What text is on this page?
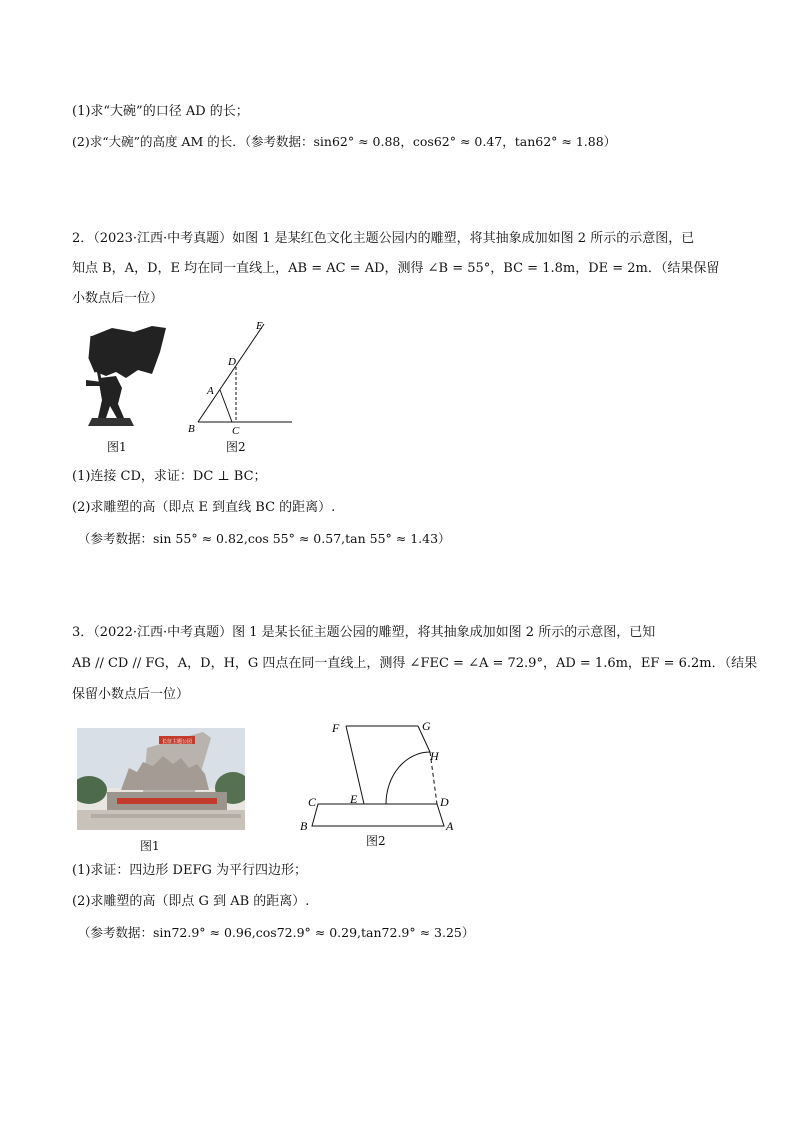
(1)求“大碗”的口径 AD 的长；
(2)求“大碗”的高度 AM 的长．（参考数据：sin62° ≈ 0.88，cos62° ≈ 0.47，tan62° ≈ 1.88）
2．（2023·江西·中考真题）如图 1 是某红色文化主题公园内的雕塑，将其抽象成加如图 2 所示的示意图，已
知点 B，A，D，E 均在同一直线上，AB = AC = AD，测得 ∠B = 55°，BC = 1.8m，DE = 2m．（结果保留
小数点后一位）
图1
E
D
A
B	C
图2
(1)连接 CD，求证：DC ⊥ BC；
(2)求雕塑的高（即点 E 到直线 BC 的距离）.
（参考数据：sin 55° ≈ 0.82,cos 55° ≈ 0.57,tan 55° ≈ 1.43）
3．（2022·江西·中考真题）图 1 是某长征主题公园的雕塑，将其抽象成加如图 2 所示的示意图，已知
AB // CD // FG，A，D，H，G 四点在同一直线上，测得 ∠FEC = ∠A = 72.9°，AD = 1.6m，EF = 6.2m．（结果
保留小数点后一位）
长征主题公园
图1
F	G
H
C	E	D
B	A
图2
(1)求证：四边形 DEFG 为平行四边形；
(2)求雕塑的高（即点 G 到 AB 的距离）.
（参考数据：sin72.9° ≈ 0.96,cos72.9° ≈ 0.29,tan72.9° ≈ 3.25）
